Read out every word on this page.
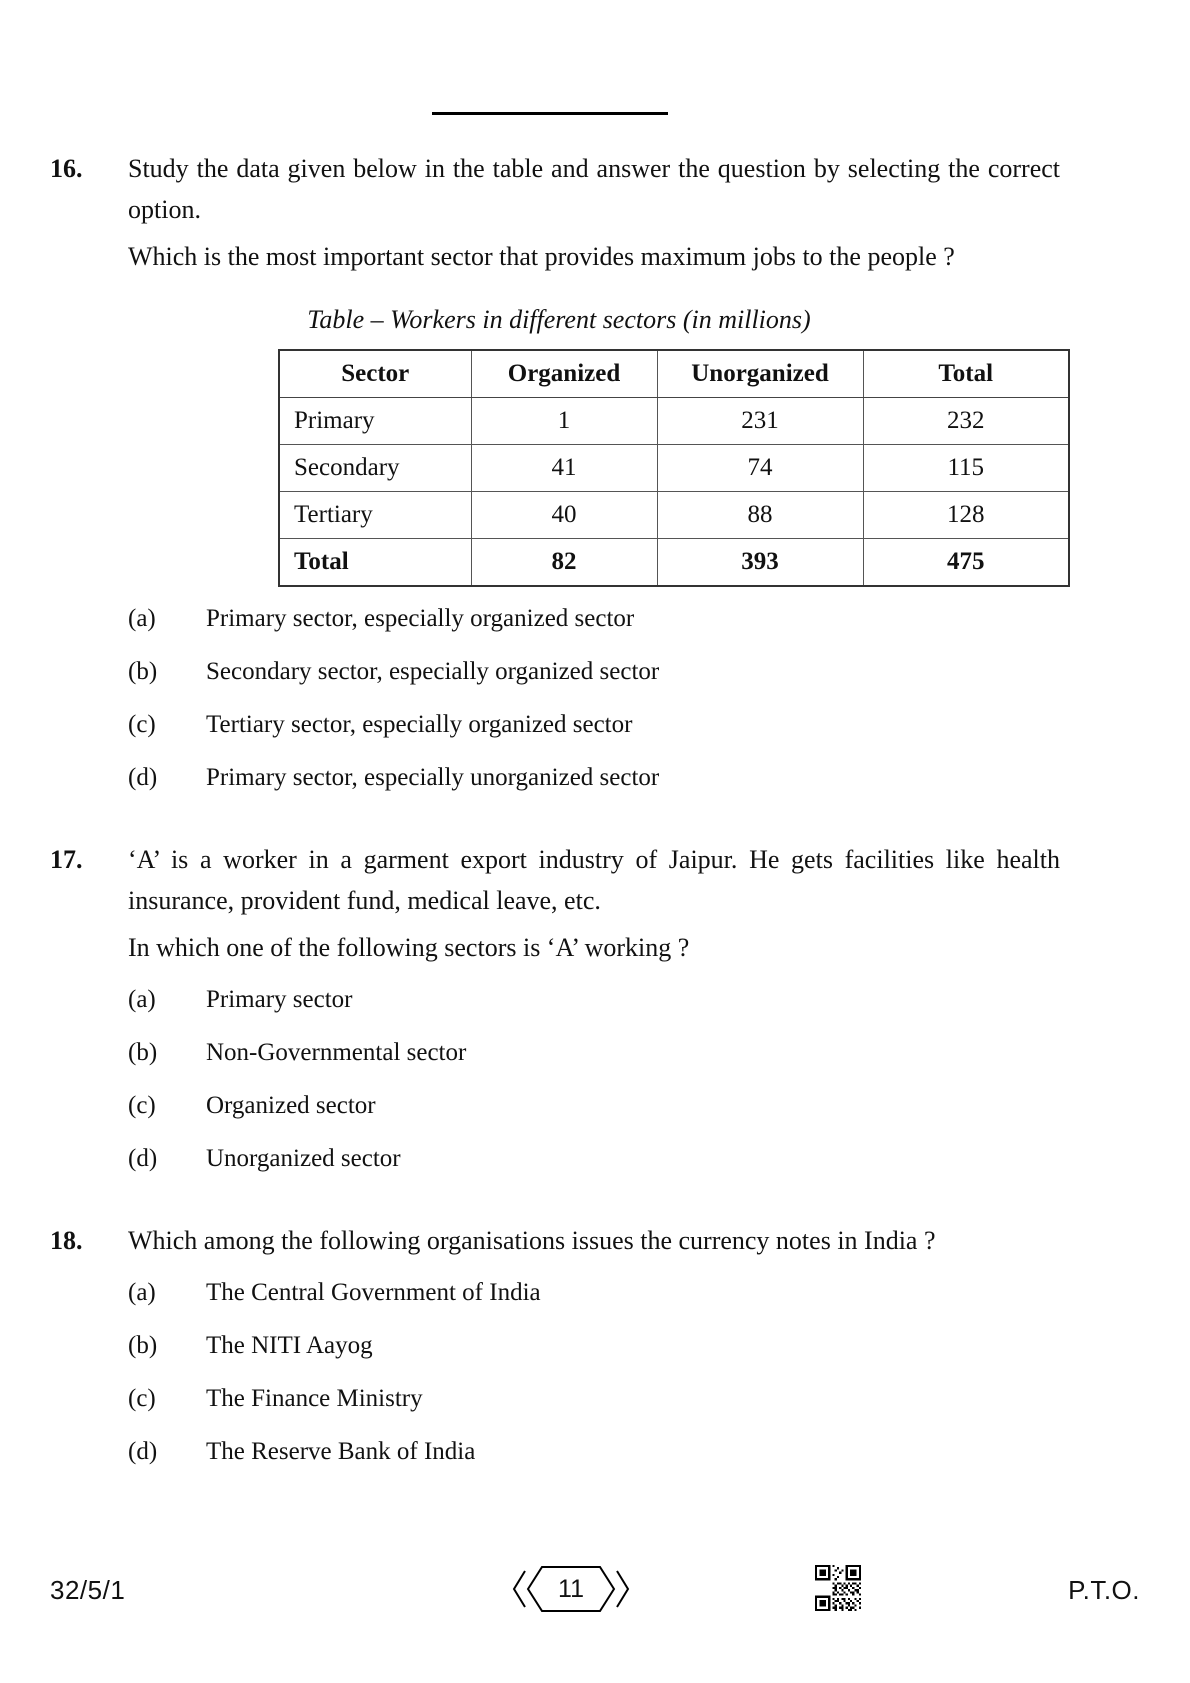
16.	Study the data given below in the table and answer the question by selecting the correct option.

Which is the most important sector that provides maximum jobs to the people ?

Table – Workers in different sectors (in millions)
Sector	Organized	Unorganized	Total
Primary	1	231	232
Secondary	41	74	115
Tertiary	40	88	128
Total	82	393	475
(a)	Primary sector, especially organized sector
(b)	Secondary sector, especially organized sector
(c)	Tertiary sector, especially organized sector
(d)	Primary sector, especially unorganized sector
17.	‘A’ is a worker in a garment export industry of Jaipur. He gets facilities like health insurance, provident fund, medical leave, etc.

In which one of the following sectors is ‘A’ working ?

(a)	Primary sector
(b)	Non-Governmental sector
(c)	Organized sector
(d)	Unorganized sector
18.	Which among the following organisations issues the currency notes in India ?

(a)	The Central Government of India
(b)	The NITI Aayog
(c)	The Finance Ministry
(d)	The Reserve Bank of India
32/5/1	11	P.T.O.
